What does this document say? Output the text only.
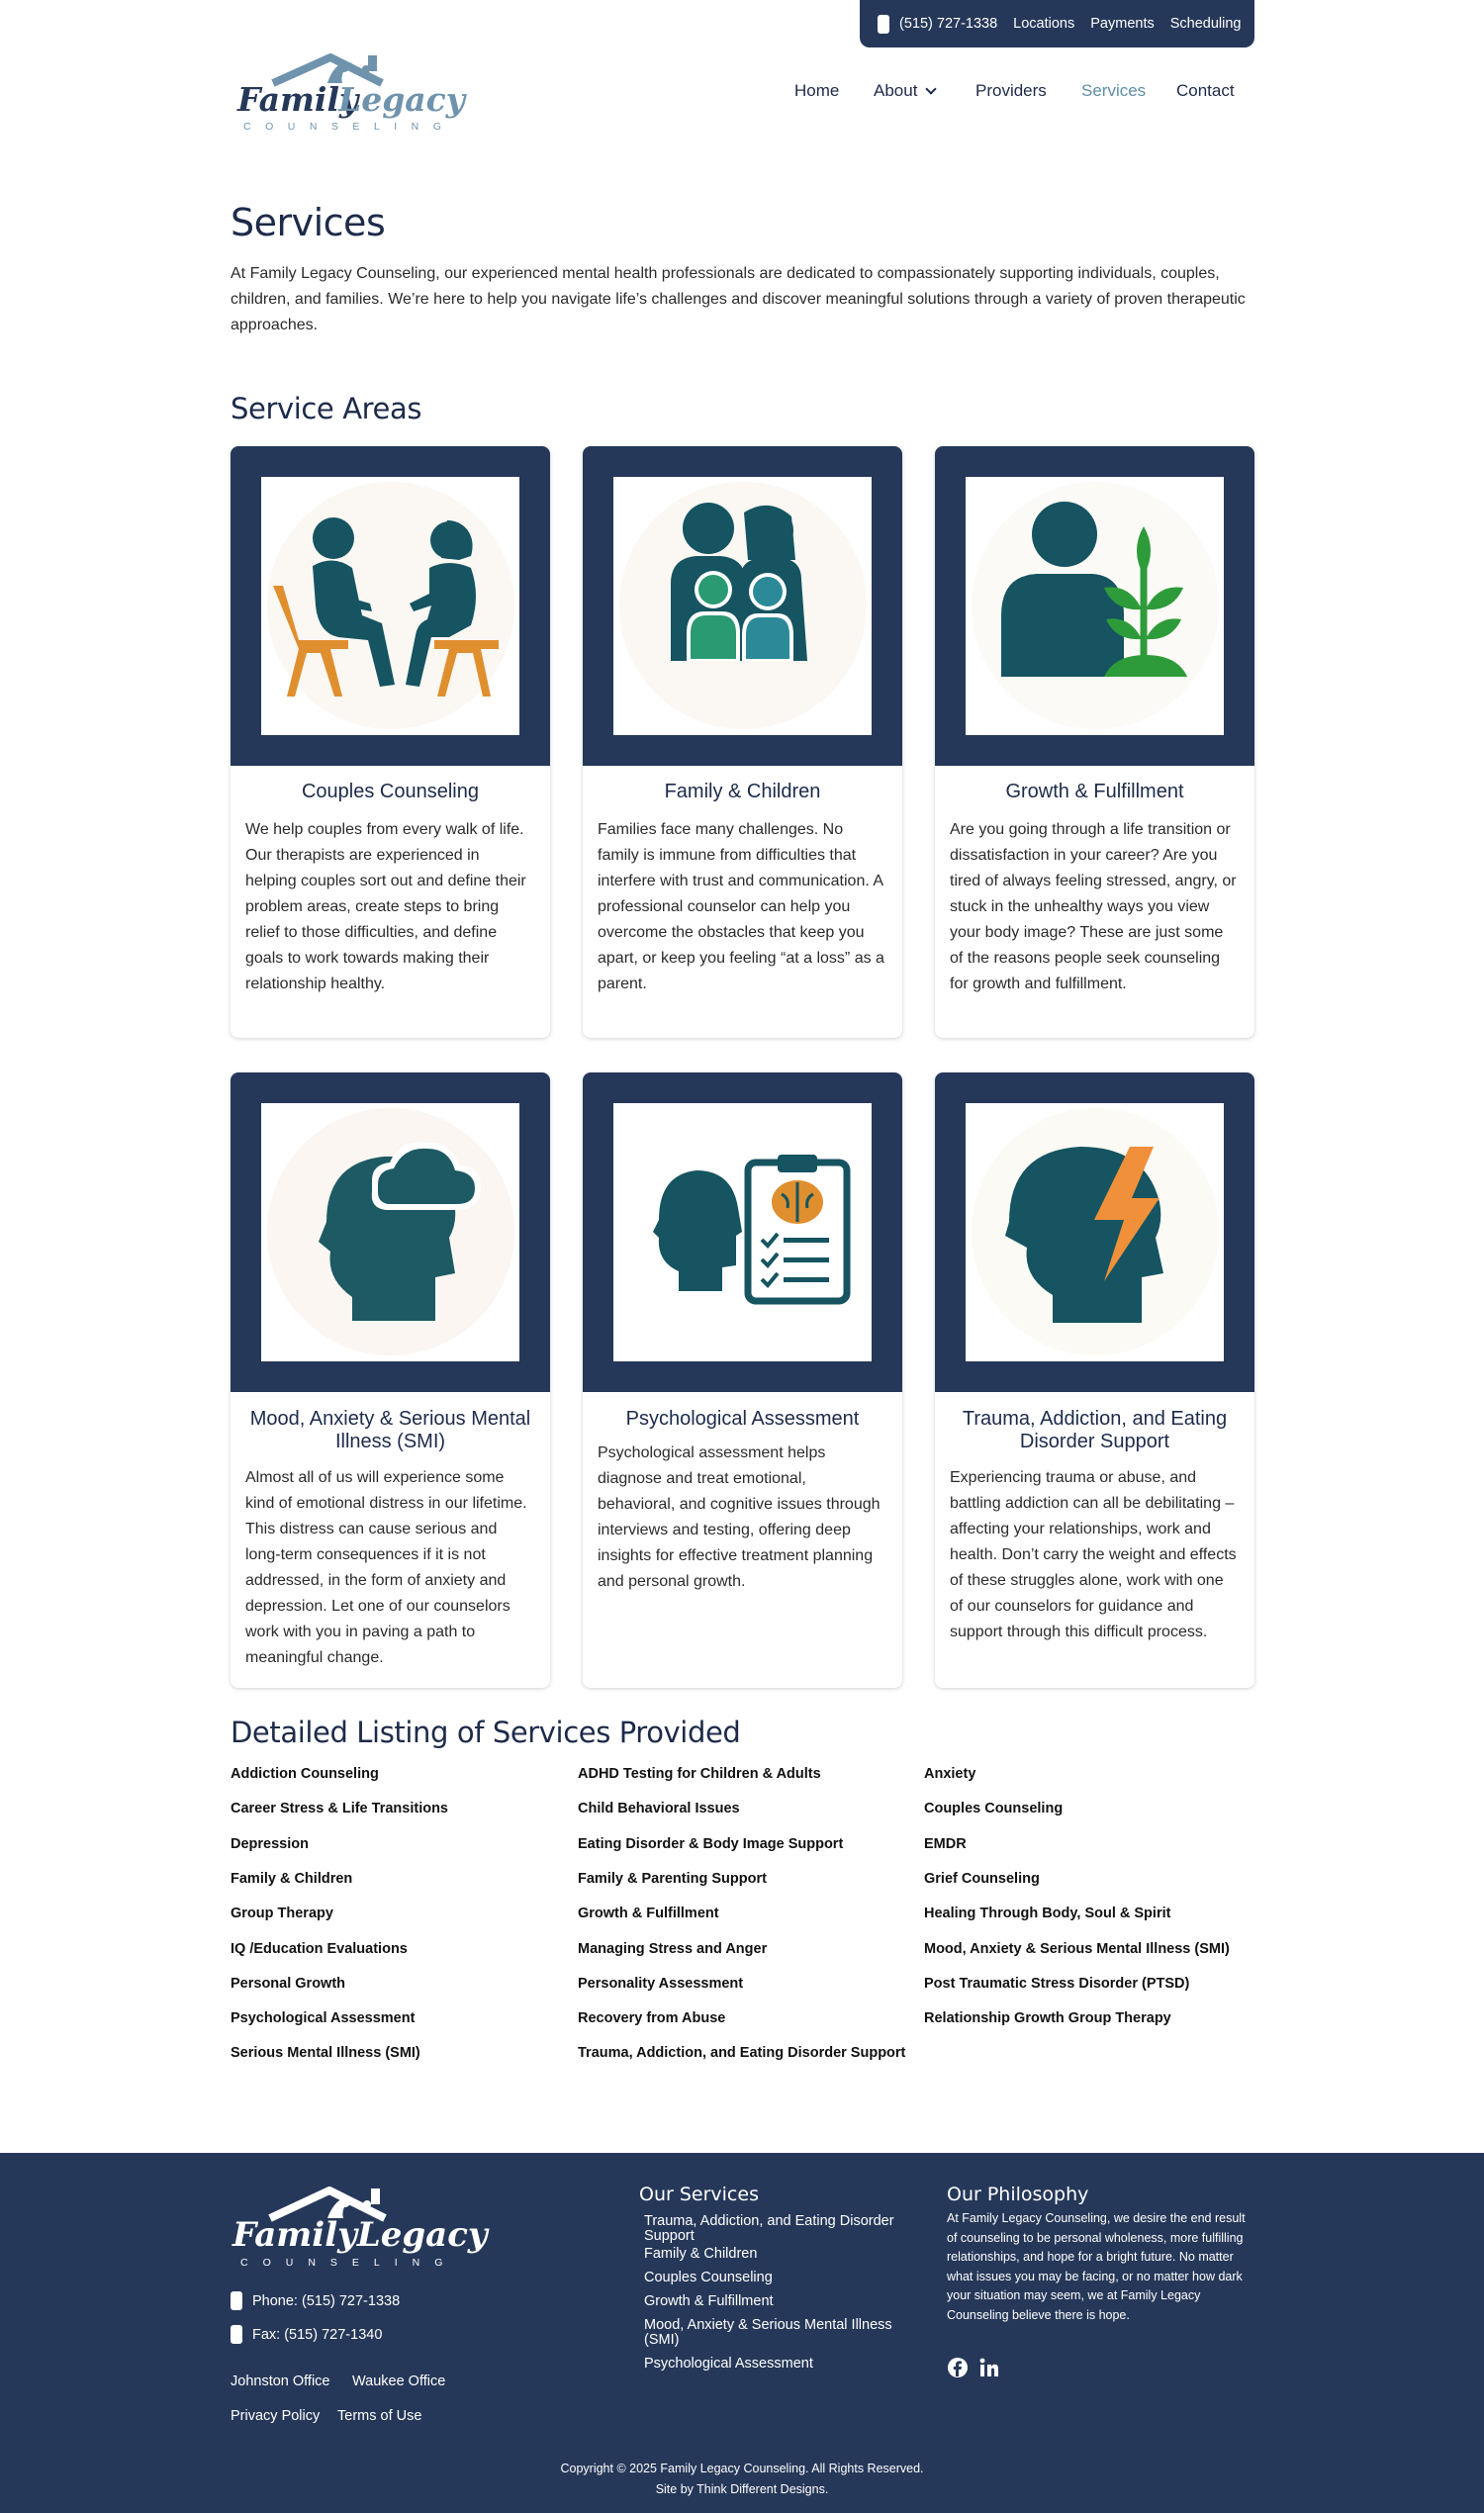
(515) 727-1338 Locations Payments Scheduling
Family
Legacy
COUNSELING
Home About	Providers Services Contact
Services

At Family Legacy Counseling, our experienced mental health professionals are dedicated to compassionately supporting individuals, couples, children, and families. We’re here to help you navigate life’s challenges and discover meaningful solutions through a variety of proven therapeutic approaches.

Service Areas
Couples Counseling
We help couples from every walk of life. Our therapists are experienced in helping couples sort out and define their problem areas, create steps to bring relief to those difficulties, and define goals to work towards making their relationship healthy.
Family & Children
Families face many challenges. No family is immune from difficulties that interfere with trust and communication. A professional counselor can help you overcome the obstacles that keep you apart, or keep you feeling “at a loss” as a parent.
Growth & Fulfillment
Are you going through a life transition or dissatisfaction in your career? Are you tired of always feeling stressed, angry, or stuck in the unhealthy ways you view your body image? These are just some of the reasons people seek counseling for growth and fulfillment.
Mood, Anxiety & Serious Mental Illness (SMI)
Almost all of us will experience some kind of emotional distress in our lifetime. This distress can cause serious and long-term consequences if it is not addressed, in the form of anxiety and depression. Let one of our counselors work with you in paving a path to meaningful change.
Psychological Assessment
Psychological assessment helps diagnose and treat emotional, behavioral, and cognitive issues through interviews and testing, offering deep insights for effective treatment planning and personal growth.
Trauma, Addiction, and Eating Disorder Support
Experiencing trauma or abuse, and battling addiction can all be debilitating – affecting your relationships, work and health. Don’t carry the weight and effects of these struggles alone, work with one of our counselors for guidance and support through this difficult process.
Detailed Listing of Services Provided
Addiction Counseling	ADHD Testing for Children & Adults	Anxiety
Career Stress & Life Transitions	Child Behavioral Issues	Couples Counseling
Depression	Eating Disorder & Body Image Support	EMDR
Family & Children	Family & Parenting Support	Grief Counseling
Group Therapy	Growth & Fulfillment	Healing Through Body, Soul & Spirit
IQ /Education Evaluations	Managing Stress and Anger	Mood, Anxiety & Serious Mental Illness (SMI)
Personal Growth	Personality Assessment	Post Traumatic Stress Disorder (PTSD)
Psychological Assessment	Recovery from Abuse	Relationship Growth Group Therapy
Serious Mental Illness (SMI)	Trauma, Addiction, and Eating Disorder Support
FamilyLegacy
COUNSELING
Phone: (515) 727-1338
Fax: (515) 727-1340
Johnston Office Waukee Office
Privacy Policy Terms of Use
Our Services
Trauma, Addiction, and Eating Disorder Support
Family & Children
Couples Counseling
Growth & Fulfillment
Mood, Anxiety & Serious Mental Illness (SMI)
Psychological Assessment
Our Philosophy
At Family Legacy Counseling, we desire the end result of counseling to be personal wholeness, more fulfilling relationships, and hope for a bright future. No matter what issues you may be facing, or no matter how dark your situation may seem, we at Family Legacy Counseling believe there is hope.
Copyright © 2025 Family Legacy Counseling. All Rights Reserved.
Site by Think Different Designs.
